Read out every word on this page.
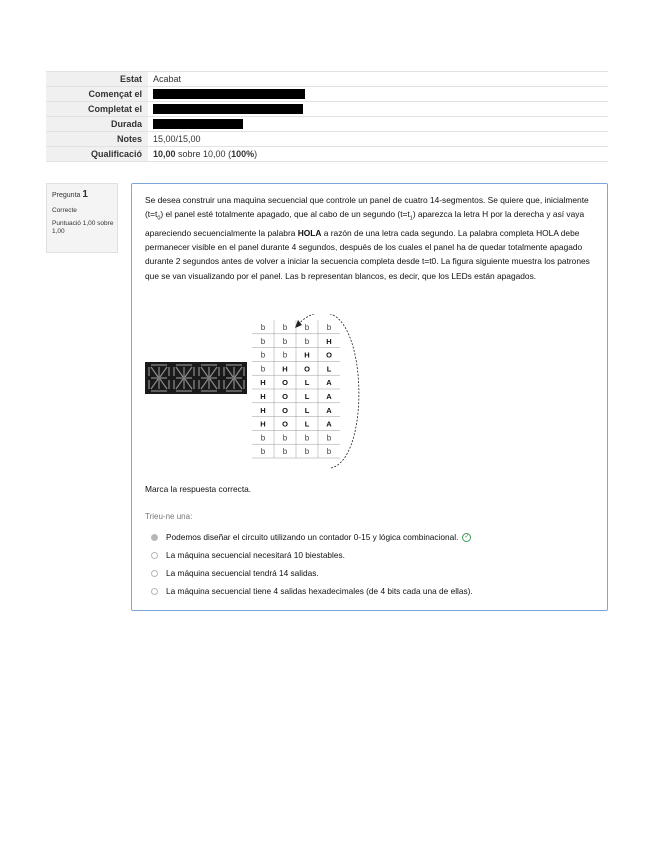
Estat	Acabat
Començat el	
Completat el	
Durada	
Notes	15,00/15,00
Qualificació	10,00 sobre 10,00 (100%)
Pregunta 1
Correcte
Puntuació 1,00 sobre 1,00
Se desea construir una maquina secuencial que controle un panel de cuatro 14-segmentos. Se quiere que, inicialmente $(t=t_0)$ el panel esté totalmente apagado, que al cabo de un segundo $(t=t_1)$ aparezca la letra H por la derecha y así vaya apareciendo secuencialmente la palabra HOLA a razón de una letra cada segundo. La palabra completa HOLA debe permanecer visible en el panel durante 4 segundos, después de los cuales el panel ha de quedar totalmente apagado durante 2 segundos antes de volver a iniciar la secuencia completa desde t=t0. La figura siguiente muestra los patrones que se van visualizando por el panel. Las b representan blancos, es decir, que los LEDs están apagados.
b b b b
b b b H
b b H O
b H O L
H O L A
H O L A
H O L A
H O L A
b b b b
b b b b
Marca la respuesta correcta.
Trieu-ne una:
Podemos diseñar el circuito utilizando un contador 0-15 y lógica combinacional. ✓
La máquina secuencial necesitará 10 biestables.
La máquina secuencial tendrá 14 salidas.
La máquina secuencial tiene 4 salidas hexadecimales (de 4 bits cada una de ellas).
